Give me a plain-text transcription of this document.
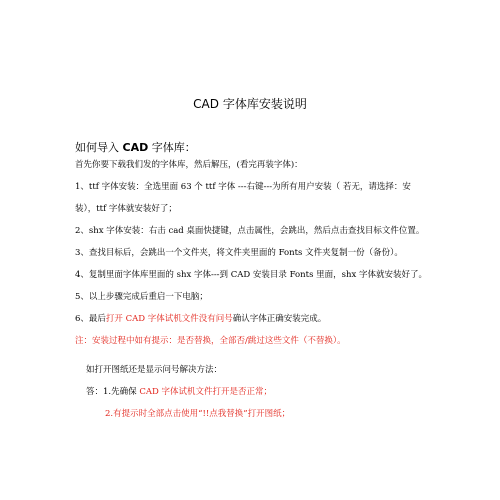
CAD 字体库安装说明
如何导入 CAD 字体库：
首先你要下载我们发的字体库，然后解压，(看完再装字体)：
1、ttf 字体安装：全选里面 63 个 ttf 字体 ---右键---为所有用户安装（ 若无，请选择：安
装），ttf 字体就安装好了；
2、shx 字体安装：右击 cad 桌面快捷键，点击属性，会跳出，然后点击查找目标文件位置。
3、查找目标后，会跳出一个文件夹，将文件夹里面的 Fonts 文件夹复制一份（备份）。
4、复制里面字体库里面的 shx 字体---到 CAD 安装目录 Fonts 里面，shx 字体就安装好了。
5、以上步骤完成后重启一下电脑；
6、最后打开 CAD 字体试机文件没有问号确认字体正确安装完成。
注：安装过程中如有提示：是否替换，全部否/跳过这些文件（不替换）。
如打开图纸还是显示问号解决方法：
答：1.先确保 CAD 字体试机文件打开是否正常；
2.有提示时全部点击使用“!!点我替换”打开图纸；
